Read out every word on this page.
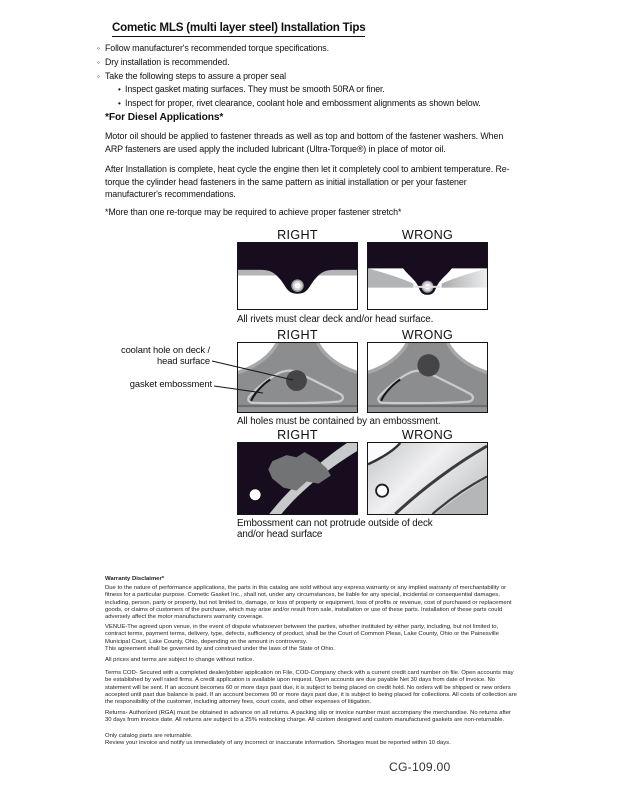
Cometic MLS (multi layer steel) Installation Tips
◦ Follow manufacturer's recommended torque specifications.
◦ Dry installation is recommended.
◦ Take the following steps to assure a proper seal
• Inspect gasket mating surfaces. They must be smooth 50RA or finer.
• Inspect for proper, rivet clearance, coolant hole and embossment alignments as shown below.
*For Diesel Applications*
Motor oil should be applied to fastener threads as well as top and bottom of the fastener washers. When ARP fasteners are used apply the included lubricant (Ultra-Torque®) in place of motor oil.
After Installation is complete, heat cycle the engine then let it completely cool to ambient temperature. Re-torque the cylinder head fasteners in the same pattern as initial installation or per your fastener manufacturer's recommendations.
*More than one re-torque may be required to achieve proper fastener stretch*
RIGHT	WRONG
All rivets must clear deck and/or head surface.
RIGHT	WRONG
coolant hole on deck / head surface
gasket embossment
All holes must be contained by an embossment.
RIGHT	WRONG
Embossment can not protrude outside of deck and/or head surface
Warranty Disclaimer*
Due to the nature of performance applications, the parts in this catalog are sold without any express warranty or any implied warranty of merchantability or fitness for a particular purpose. Cometic Gasket Inc., shall not, under any circumstances, be liable for any special, incidental or consequential damages, including, person, party or property, but not limited to, damage, or loss of property or equipment, loss of profits or revenue, cost of purchased or replacement goods, or claims of customers of the purchase, which may arise and/or result from sale, installation or use of these parts. Installation of these parts could adversely affect the motor manufacturers warranty coverage.
VENUE-The agreed upon venue, in the event of dispute whatsoever between the parties, whether instituted by either party, including, but not limited to, contract terms, payment terms, delivery, type, defects, sufficiency of product, shall be the Court of Common Pleas, Lake County, Ohio or the Painesville Municipal Court, Lake County, Ohio, depending on the amount in controversy.
This agreement shall be governed by and construed under the laws of the State of Ohio.
All prices and terms are subject to change without notice.
Terms COD- Secured with a completed dealer/jobber application on File, COD-Company check with a current credit card number on file. Open accounts may be established by well rated firms. A credit application is available upon request. Open accounts are due payable Net 30 days from date of invoice. No statement will be sent. If an account becomes 60 or more days past due, it is subject to being placed on credit hold. No orders will be shipped or new orders accepted until past due balance is paid. If an account becomes 90 or more days past due, it is subject to being placed for collections. All costs of collection are the responsibility of the customer, including attorney fees, court costs, and other expenses of litigation.
Returns- Authorized (RGA) must be obtained in advance on all returns. A packing slip or invoice number must accompany the merchandise. No returns after 30 days from invoice date. All returns are subject to a 25% restocking charge. All custom designed and custom manufactured gaskets are non-returnable.
Only catalog parts are returnable.
Review your invoice and notify us immediately of any incorrect or inaccurate information. Shortages must be reported within 10 days.
CG-109.00
